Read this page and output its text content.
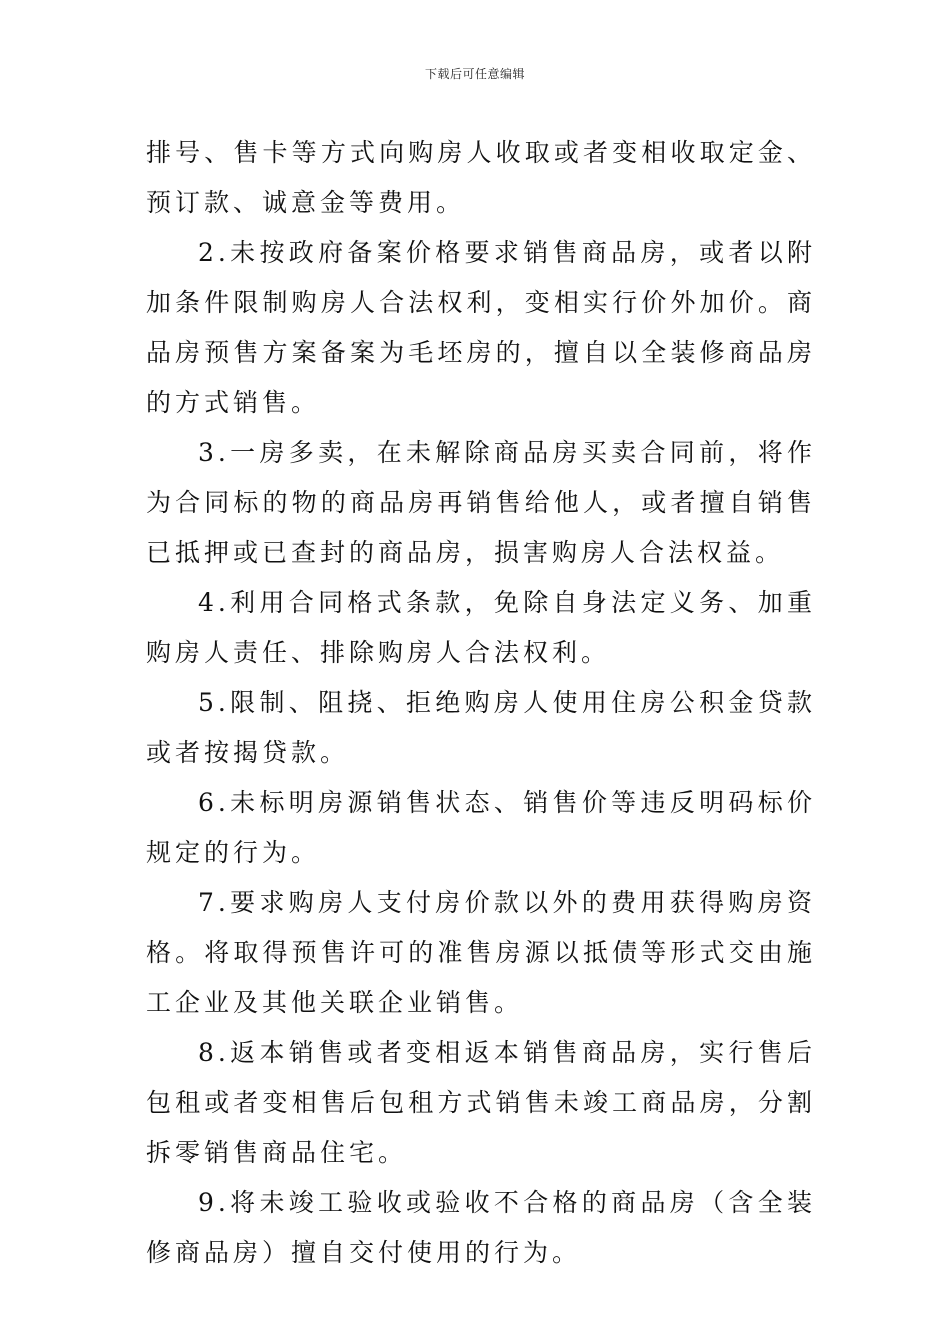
下载后可任意编辑

排号、售卡等方式向购房人收取或者变相收取定金、预订款、诚意金等费用。

2.未按政府备案价格要求销售商品房，或者以附加条件限制购房人合法权利，变相实行价外加价。商品房预售方案备案为毛坯房的，擅自以全装修商品房的方式销售。

3.一房多卖，在未解除商品房买卖合同前，将作为合同标的物的商品房再销售给他人，或者擅自销售已抵押或已查封的商品房，损害购房人合法权益。

4.利用合同格式条款，免除自身法定义务、加重购房人责任、排除购房人合法权利。

5.限制、阻挠、拒绝购房人使用住房公积金贷款或者按揭贷款。

6.未标明房源销售状态、销售价等违反明码标价规定的行为。

7.要求购房人支付房价款以外的费用获得购房资格。将取得预售许可的准售房源以抵债等形式交由施工企业及其他关联企业销售。

8.返本销售或者变相返本销售商品房，实行售后包租或者变相售后包租方式销售未竣工商品房，分割拆零销售商品住宅。

9.将未竣工验收或验收不合格的商品房（含全装修商品房）擅自交付使用的行为。
